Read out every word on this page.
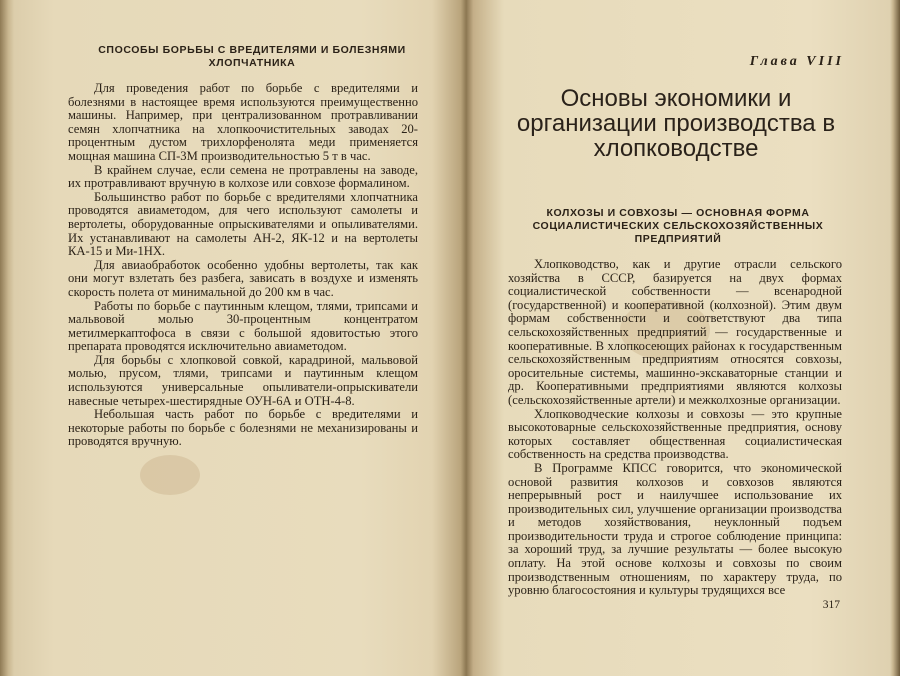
СПОСОБЫ БОРЬБЫ С ВРЕДИТЕЛЯМИ И БОЛЕЗНЯМИ ХЛОПЧАТНИКА

Для проведения работ по борьбе с вредителями и болезнями в настоящее время используются преимущественно машины. Например, при централизованном протравливании семян хлопчатника на хлопкоочистительных заводах 20-процентным дустом трихлорфенолята меди применяется мощная машина СП-3М производительностью 5 т в час.

В крайнем случае, если семена не протравлены на заводе, их протравливают вручную в колхозе или совхозе формалином.

Большинство работ по борьбе с вредителями хлопчатника проводятся авиаметодом, для чего используют самолеты и вертолеты, оборудованные опрыскивателями и опыливателями. Их устанавливают на самолеты АН-2, ЯК-12 и на вертолеты КА-15 и Ми-1НХ.

Для авиаобработок особенно удобны вертолеты, так как они могут взлетать без разбега, зависать в воздухе и изменять скорость полета от минимальной до 200 км в час.

Работы по борьбе с паутинным клещом, тлями, трипсами и мальвовой молью 30-процентным концентратом метилмеркаптофоса в связи с большой ядовитостью этого препарата проводятся исключительно авиаметодом.

Для борьбы с хлопковой совкой, карадриной, мальвовой молью, прусом, тлями, трипсами и паутинным клещом используются универсальные опыливатели-опрыскиватели навесные четырех-шестирядные ОУН-6А и ОТН-4-8.

Небольшая часть работ по борьбе с вредителями и некоторые работы по борьбе с болезнями не механизированы и проводятся вручную.

Глава VIII
Основы экономики и организации производства в хлопководстве
КОЛХОЗЫ И СОВХОЗЫ — ОСНОВНАЯ ФОРМА СОЦИАЛИСТИЧЕСКИХ СЕЛЬСКОХОЗЯЙСТВЕННЫХ ПРЕДПРИЯТИЙ

Хлопководство, как и другие отрасли сельского хозяйства в СССР, базируется на двух формах социалистической собственности — всенародной (государственной) и кооперативной (колхозной). Этим двум формам собственности и соответствуют два типа сельскохозяйственных предприятий — государственные и кооперативные. В хлопкосеющих районах к государственным сельскохозяйственным предприятиям относятся совхозы, оросительные системы, машинно-экскаваторные станции и др. Кооперативными предприятиями являются колхозы (сельскохозяйственные артели) и межколхозные организации.

Хлопководческие колхозы и совхозы — это крупные высокотоварные сельскохозяйственные предприятия, основу которых составляет общественная социалистическая собственность на средства производства.

В Программе КПСС говорится, что экономической основой развития колхозов и совхозов являются непрерывный рост и наилучшее использование их производительных сил, улучшение организации производства и методов хозяйствования, неуклонный подъем производительности труда и строгое соблюдение принципа: за хороший труд, за лучшие результаты — более высокую оплату. На этой основе колхозы и совхозы по своим производственным отношениям, по характеру труда, по уровню благосостояния и культуры трудящихся все

317
